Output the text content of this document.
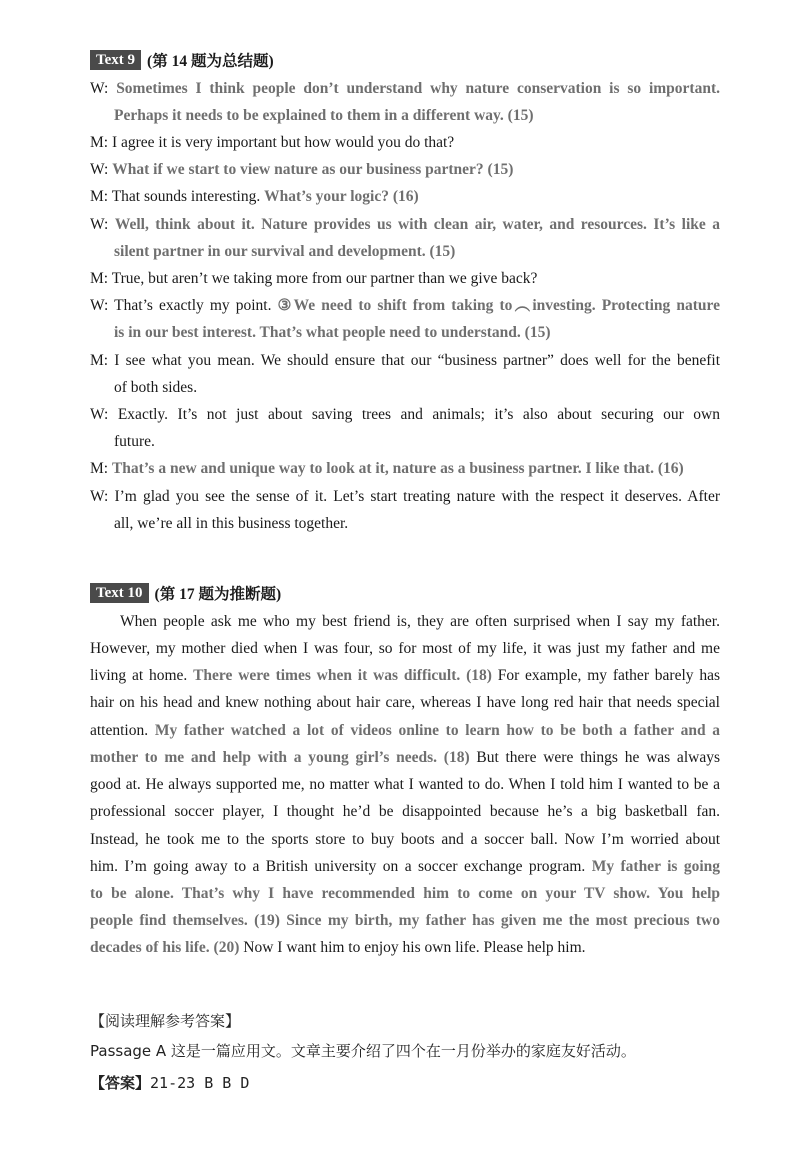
Text 9 (第 14 题为总结题)
W: Sometimes I think people don’t understand why nature conservation is so important.
Perhaps it needs to be explained to them in a different way. (15)
M: I agree it is very important but how would you do that?
W: What if we start to view nature as our business partner? (15)
M: That sounds interesting. What’s your logic? (16)
W: Well, think about it. Nature provides us with clean air, water, and resources. It’s like a
silent partner in our survival and development. (15)
M: True, but aren’t we taking more from our partner than we give back?
W: That’s exactly my point. ③We need to shift from taking to︵investing. Protecting nature
is in our best interest. That’s what people need to understand. (15)
M: I see what you mean. We should ensure that our “business partner” does well for the benefit
of both sides.
W: Exactly. It’s not just about saving trees and animals; it’s also about securing our own
future.
M: That’s a new and unique way to look at it, nature as a business partner. I like that. (16)
W: I’m glad you see the sense of it. Let’s start treating nature with the respect it deserves. After
all, we’re all in this business together.
Text 10 (第 17 题为推断题)
When people ask me who my best friend is, they are often surprised when I say my father.
However, my mother died when I was four, so for most of my life, it was just my father and me
living at home. There were times when it was difficult. (18) For example, my father barely has
hair on his head and knew nothing about hair care, whereas I have long red hair that needs special
attention. My father watched a lot of videos online to learn how to be both a father and a
mother to me and help with a young girl’s needs. (18) But there were things he was always
good at. He always supported me, no matter what I wanted to do. When I told him I wanted to be a
professional soccer player, I thought he’d be disappointed because he’s a big basketball fan.
Instead, he took me to the sports store to buy boots and a soccer ball. Now I’m worried about
him. I’m going away to a British university on a soccer exchange program. My father is going
to be alone. That’s why I have recommended him to come on your TV show. You help
people find themselves. (19) Since my birth, my father has given me the most precious two
decades of his life. (20) Now I want him to enjoy his own life. Please help him.
【阅读理解参考答案】
Passage A 这是一篇应用文。文章主要介绍了四个在一月份举办的家庭友好活动。
【答案】21-23 B B D
